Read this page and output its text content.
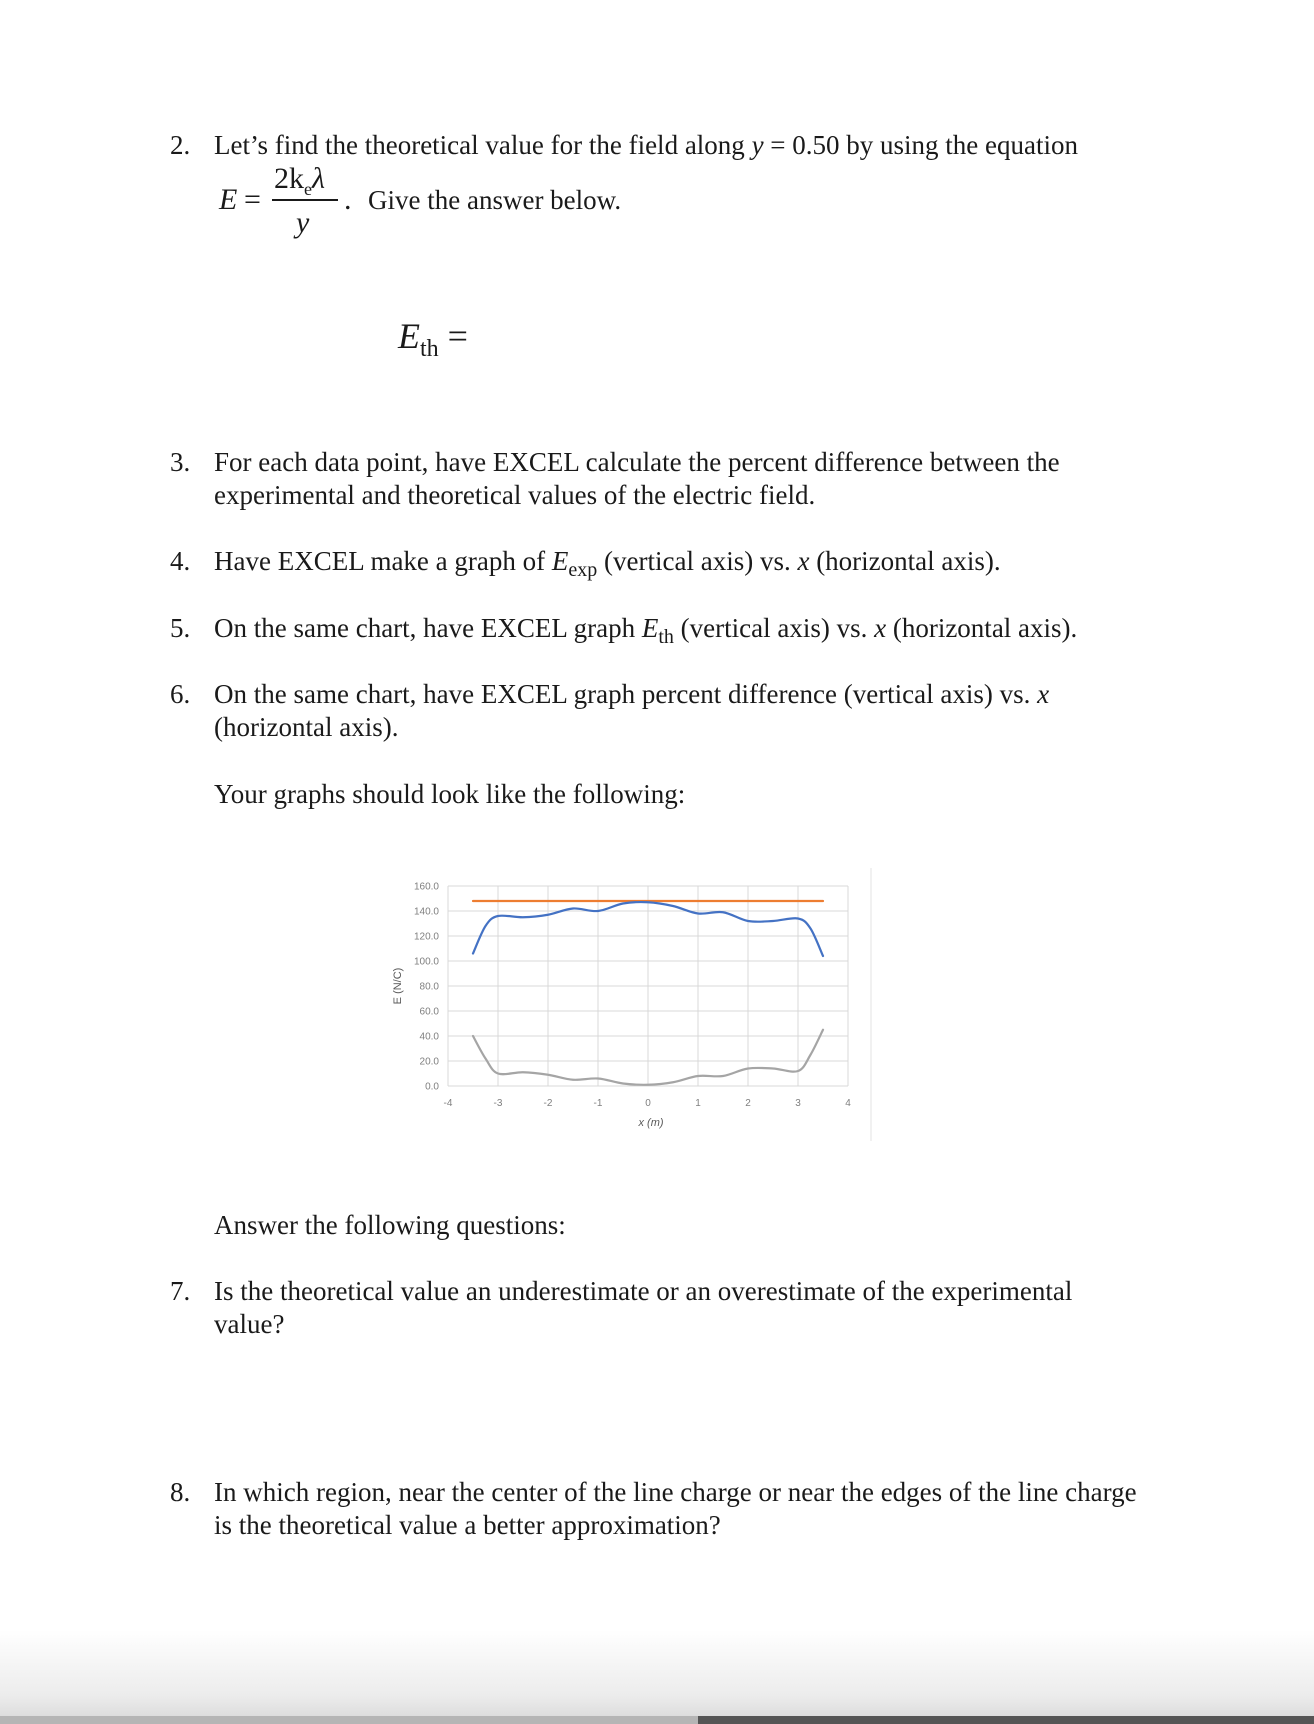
2. Let’s find the theoretical value for the field along y = 0.50 by using the equation
E =
$2k_e\lambda$
y
. Give the answer below.
$E_{th}$ =
3. For each data point, have EXCEL calculate the percent difference between the
experimental and theoretical values of the electric field.
4. Have EXCEL make a graph of $E_{exp}$ (vertical axis) vs. x (horizontal axis).
5. On the same chart, have EXCEL graph $E_{th}$ (vertical axis) vs. x (horizontal axis).
6. On the same chart, have EXCEL graph percent difference (vertical axis) vs. x
(horizontal axis).
Your graphs should look like the following:
0.0
20.0
40.0
60.0
80.0
100.0
120.0
140.0
160.0
-4	-3	-2	-1	0	1	2	3	4
E (N/C)
x (m)
Answer the following questions:
7. Is the theoretical value an underestimate or an overestimate of the experimental
value?
8. In which region, near the center of the line charge or near the edges of the line charge
is the theoretical value a better approximation?
